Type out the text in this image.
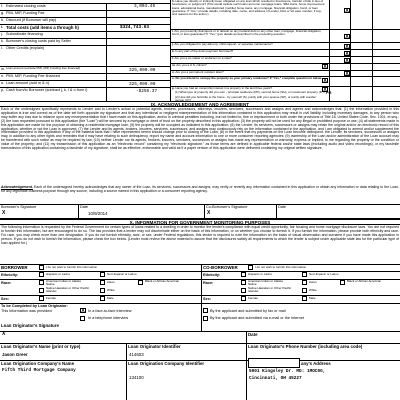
f. Estimated closing costs	3,004.46
g. PMI, MIP, Funding Fee
h. Discount (if Borrower will pay)
i. Total costs (add items a through h)	$324,743.63
j. Subordinate financing
k. Borrower's closing costs paid by Seller
l. Other Credits (explain)
m. Loan amount (exclude PMI, MIP, Funding Fee financed)	325,000.00
n. PMI, MIP, Funding Fee financed
o. Loan amount (add m & n)	325,000.00
p. Cash from/to Borrower (subtract j, k, l & o from i)	-$256.37
h. Have you directly or indirectly been obligated on any loan which resulted in foreclosure, transfer of title in lieu of foreclosure, or judgment? (This would include such loans as home mortgage loans, SBA loans, home improvement loans, educational loans, manufactured (mobile) home loans, any mortgage, financial obligation, bond, or loan guarantee. If "Yes," provide details, including date, name, and address of Lender, FHA or VA case number, if any, and reasons for the action.)
i. Are you presently delinquent or in default on any Federal debt or any other loan, mortgage, financial obligation, bond, or loan guarantee? If "Yes," give details as described in the preceding question.
j. Are you obligated to pay alimony, child support, or separate maintenance?
k. Is any part of the down payment borrowed?
l. Are you a co-maker or endorser on a note?
m. Are you a U.S. citizen?
n. Are you a permanent resident alien?
o. Do you intend to occupy the property as your primary residence? If "Yes," complete question m below.
p. Have you had an ownership interest in a property in the last three years?
(1) What type of property did you own - principal residence (PR), second home (SH), or investment property (IP)?
(2) How did you hold title to the home - by yourself (S), jointly with your spouse (SP), or jointly with another
X
X
X
X
X
X
X
X
X PR
IX. ACKNOWLEDGEMENT AND AGREEMENT
Each of the undersigned specifically represents to Lender and to Lender's actual or potential agents, brokers, processors, attorneys, insurers, servicers, successors and assigns and agrees and acknowledges that: (1) the information provided in this application is true and correct as of the date set forth opposite my signature and that any intentional or negligent misrepresentation of this information contained in this application may result in civil liability, including monetary damages, to any person who may suffer any loss due to reliance upon any misrepresentation that I have made on this application, and/or in criminal penalties including, but not limited to, fine or imprisonment or both under the provisions of Title 18, United States Code, Sec. 1001, et seq.; (2) the loan requested pursuant to this application (the "Loan") will be secured by a mortgage or deed of trust on the property described in this application; (3) the property will not be used for any illegal or prohibited purpose or use; (4) all statements made in this application are made for the purpose of obtaining a residential mortgage loan; (5) the property will be occupied as indicated in this application; (6) the Lender, its servicers, successors or assigns may retain the original and/or an electronic record of this application, whether or not the Loan is approved; (7) the Lender and its agents, brokers, insurers, servicers, successors, and assigns may continuously rely on the information contained in the application, and I am obligated to amend and/or supplement the information provided in this application if any of the material facts that I have represented herein should change prior to closing of the Loan; (8) in the event that my payments on the Loan become delinquent, the Lender, its servicers, successors or assigns may, in addition to any other rights and remedies that it may have relating to such delinquency, report my name and account information to one or more consumer reporting agencies; (9) ownership of the Loan and/or administration of the Loan account may be transferred with such notice as may be required by law; (10) neither Lender nor its agents, brokers, insurers, servicers, successors or assigns has made any representation or warranty, express or implied, to me regarding the property or the condition or value of the property; and (11) my transmission of this application as an "electronic record" containing my "electronic signature," as those terms are defined in applicable federal and/or state laws (excluding audio and video recordings), or my facsimile transmission of this application containing a facsimile of my signature, shall be as effective, enforceable and valid as if a paper version of this application were delivered containing my original written signature.
Acknowledgement. Each of the undersigned hereby acknowledges that any owner of the Loan, its servicers, successors and assigns, may verify or reverify any information contained in this application or obtain any information or data relating to the Loan, for any legitimate business purpose through any source, including a source named in this application or a consumer reporting agency.
Borrower's Signature
X
Date
10/9/2014
Co-Borrower's Signature
X
Date
X. INFORMATION FOR GOVERNMENT MONITORING PURPOSES
The following information is requested by the Federal Government for certain types of loans related to a dwelling in order to monitor the lender's compliance with equal credit opportunity, fair housing and home mortgage disclosure laws. You are not required to furnish this information, but are encouraged to do so. The law provides that a lender may not discriminate either on the basis of this information, or on whether you choose to furnish it. If you furnish the information, please provide both ethnicity and race. For race, you may check more than one designation. If you do not furnish ethnicity, race, or sex, under Federal regulations, this lender is required to note the information on the basis of visual observation and surname if you have made this application in person. If you do not wish to furnish the information, please check the box below. (Lender must review the above material to assure that the disclosures satisfy all requirements to which the lender is subject under applicable state law for the particular type of loan applied for.)
BORROWER	I do not wish to furnish this information
Ethnicity:	Hispanic or Latino	Not Hispanic or Latino
Race:	American Indian or Alaska Native
Asian	Black or African American
Native Hawaiian or Other Pacific Islander	White
Sex:	Female	Male
CO-BORROWER	I do not wish to furnish this information
Ethnicity:	Hispanic or Latino	Not Hispanic or Latino
Race:	American Indian or Alaska Native
Asian	Black or African American
Native Hawaiian or Other Pacific Islander	White
Sex:	Female	Male
To be Completed by Loan Originator:
This information was provided:	X In a face-to-face interview
In a telephone interview
By the applicant and submitted by fax or mail
By the applicant and submitted via e-mail or the Internet
Loan Originator's Signature
X	Date
Loan Originator's Name (print or type)
Jason Greer
Loan Originator Identifier
414603
Loan Originator's Phone Number (including area code)
Loan Origination Company's Name
Fifth Third Mortgage Company
Loan Origination Company Identifier
134100
any's Address
5001 Kingsley Dr. MD: 1MOC0G,
Cincinnati, OH 45227
